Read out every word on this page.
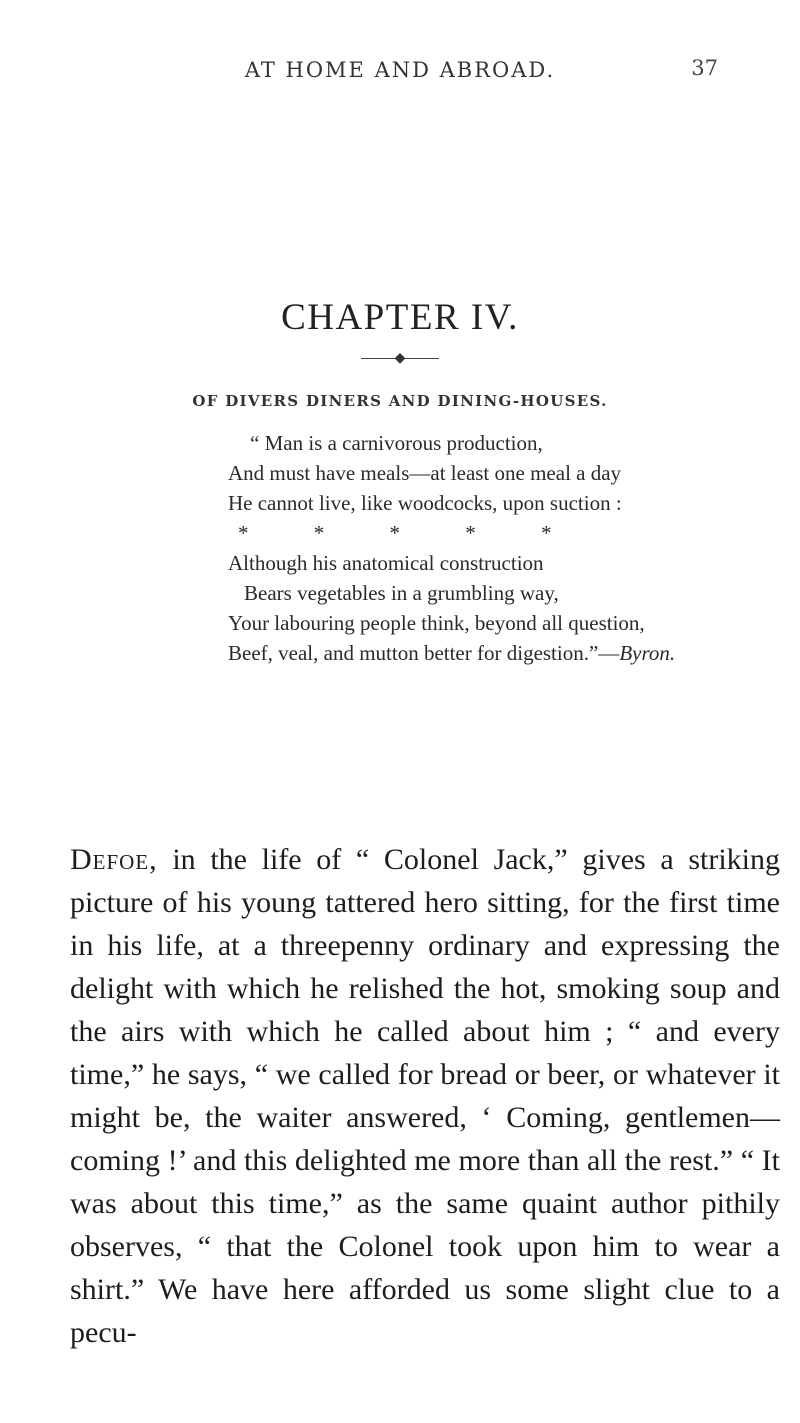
AT HOME AND ABROAD.	37
CHAPTER IV.
◆
OF DIVERS DINERS AND DINING-HOUSES.
“ Man is a carnivorous production,
And must have meals—at least one meal a day
He cannot live, like woodcocks, upon suction :
* * * * *
Although his anatomical construction
Bears vegetables in a grumbling way,
Your labouring people think, beyond all question,
Beef, veal, and mutton better for digestion.”—Byron.
Defoe, in the life of “ Colonel Jack,” gives a striking picture of his young tattered hero sitting, for the first time in his life, at a threepenny ordinary and expressing the delight with which he relished the hot, smoking soup and the airs with which he called about him ; “ and every time,” he says, “ we called for bread or beer, or whatever it might be, the waiter answered, ‘ Coming, gentlemen—coming !’ and this delighted me more than all the rest.” “ It was about this time,” as the same quaint author pithily observes, “ that the Colonel took upon him to wear a shirt.” We have here afforded us some slight clue to a pecu-
